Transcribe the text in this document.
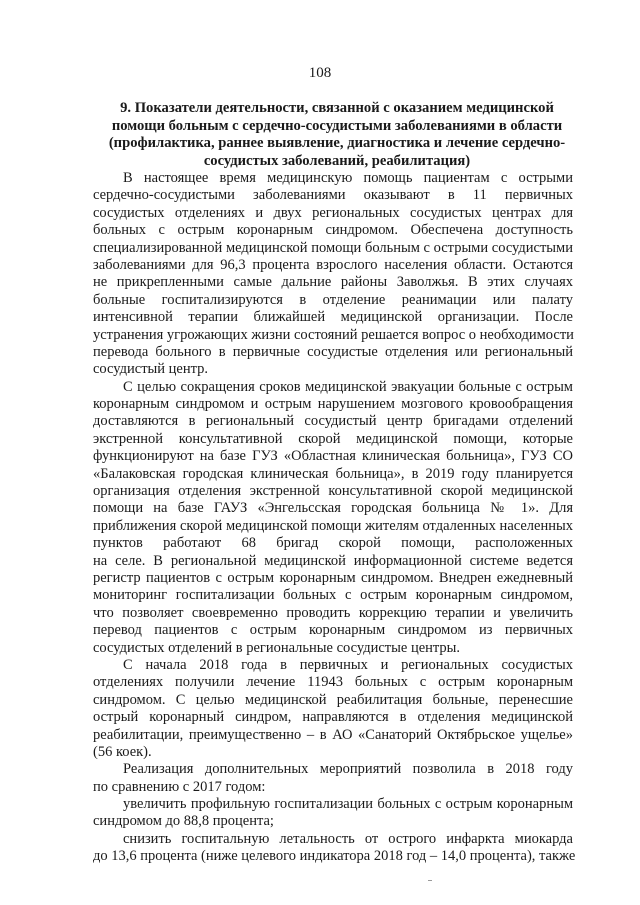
108
9. Показатели деятельности, связанной с оказанием медицинской
помощи больным с сердечно-сосудистыми заболеваниями в области
(профилактика, раннее выявление, диагностика и лечение сердечно-
сосудистых заболеваний, реабилитация)
В настоящее время медицинскую помощь пациентам с острыми
сердечно-сосудистыми заболеваниями оказывают в 11 первичных
сосудистых отделениях и двух региональных сосудистых центрах для
больных с острым коронарным синдромом. Обеспечена доступность
специализированной медицинской помощи больным с острыми сосудистыми
заболеваниями для 96,3 процента взрослого населения области. Остаются
не прикрепленными самые дальние районы Заволжья. В этих случаях
больные госпитализируются в отделение реанимации или палату
интенсивной терапии ближайшей медицинской организации. После
устранения угрожающих жизни состояний решается вопрос о необходимости
перевода больного в первичные сосудистые отделения или региональный
сосудистый центр.
С целью сокращения сроков медицинской эвакуации больные с острым
коронарным синдромом и острым нарушением мозгового кровообращения
доставляются в региональный сосудистый центр бригадами отделений
экстренной консультативной скорой медицинской помощи, которые
функционируют на базе ГУЗ «Областная клиническая больница», ГУЗ СО
«Балаковская городская клиническая больница», в 2019 году планируется
организация отделения экстренной консультативной скорой медицинской
помощи на базе ГАУЗ «Энгельсская городская больница № 1». Для
приближения скорой медицинской помощи жителям отдаленных населенных
пунктов работают 68 бригад скорой помощи, расположенных
на селе. В региональной медицинской информационной системе ведется
регистр пациентов с острым коронарным синдромом. Внедрен ежедневный
мониторинг госпитализации больных с острым коронарным синдромом,
что позволяет своевременно проводить коррекцию терапии и увеличить
перевод пациентов с острым коронарным синдромом из первичных
сосудистых отделений в региональные сосудистые центры.
С начала 2018 года в первичных и региональных сосудистых
отделениях получили лечение 11943 больных с острым коронарным
синдромом. С целью медицинской реабилитация больные, перенесшие
острый коронарный синдром, направляются в отделения медицинской
реабилитации, преимущественно – в АО «Санаторий Октябрьское ущелье»
(56 коек).
Реализация дополнительных мероприятий позволила в 2018 году
по сравнению с 2017 годом:
увеличить профильную госпитализации больных с острым коронарным
синдромом до 88,8 процента;
снизить госпитальную летальность от острого инфаркта миокарда
до 13,6 процента (ниже целевого индикатора 2018 год – 14,0 процента), также
